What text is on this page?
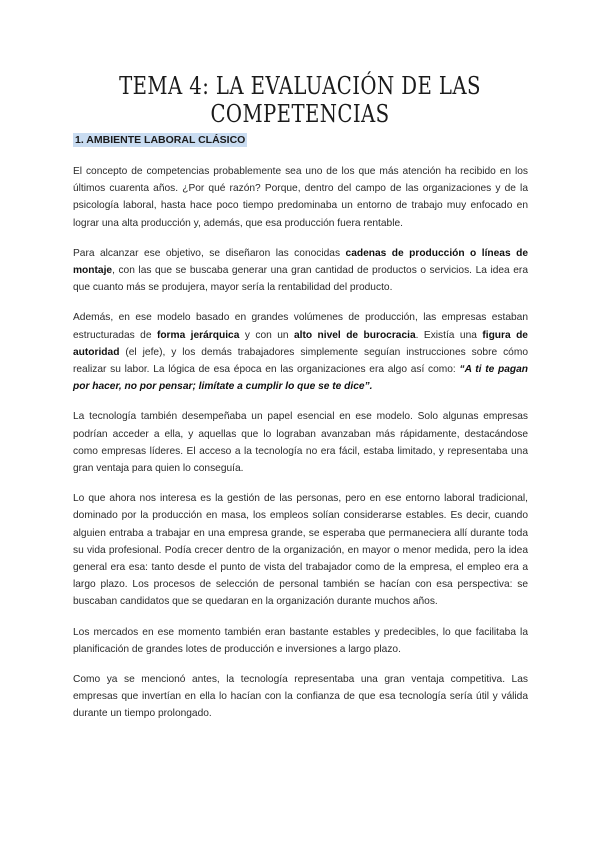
TEMA 4: LA EVALUACIÓN DE LAS COMPETENCIAS
1. AMBIENTE LABORAL CLÁSICO

El concepto de competencias probablemente sea uno de los que más atención ha recibido en los últimos cuarenta años. ¿Por qué razón? Porque, dentro del campo de las organizaciones y de la psicología laboral, hasta hace poco tiempo predominaba un entorno de trabajo muy enfocado en lograr una alta producción y, además, que esa producción fuera rentable.

Para alcanzar ese objetivo, se diseñaron las conocidas cadenas de producción o líneas de montaje, con las que se buscaba generar una gran cantidad de productos o servicios. La idea era que cuanto más se produjera, mayor sería la rentabilidad del producto.

Además, en ese modelo basado en grandes volúmenes de producción, las empresas estaban estructuradas de forma jerárquica y con un alto nivel de burocracia. Existía una figura de autoridad (el jefe), y los demás trabajadores simplemente seguían instrucciones sobre cómo realizar su labor. La lógica de esa época en las organizaciones era algo así como: “A ti te pagan por hacer, no por pensar; limítate a cumplir lo que se te dice”.

La tecnología también desempeñaba un papel esencial en ese modelo. Solo algunas empresas podrían acceder a ella, y aquellas que lo lograban avanzaban más rápidamente, destacándose como empresas líderes. El acceso a la tecnología no era fácil, estaba limitado, y representaba una gran ventaja para quien lo conseguía.

Lo que ahora nos interesa es la gestión de las personas, pero en ese entorno laboral tradicional, dominado por la producción en masa, los empleos solían considerarse estables. Es decir, cuando alguien entraba a trabajar en una empresa grande, se esperaba que permaneciera allí durante toda su vida profesional. Podía crecer dentro de la organización, en mayor o menor medida, pero la idea general era esa: tanto desde el punto de vista del trabajador como de la empresa, el empleo era a largo plazo. Los procesos de selección de personal también se hacían con esa perspectiva: se buscaban candidatos que se quedaran en la organización durante muchos años.

Los mercados en ese momento también eran bastante estables y predecibles, lo que facilitaba la planificación de grandes lotes de producción e inversiones a largo plazo.

Como ya se mencionó antes, la tecnología representaba una gran ventaja competitiva. Las empresas que invertían en ella lo hacían con la confianza de que esa tecnología sería útil y válida durante un tiempo prolongado.
